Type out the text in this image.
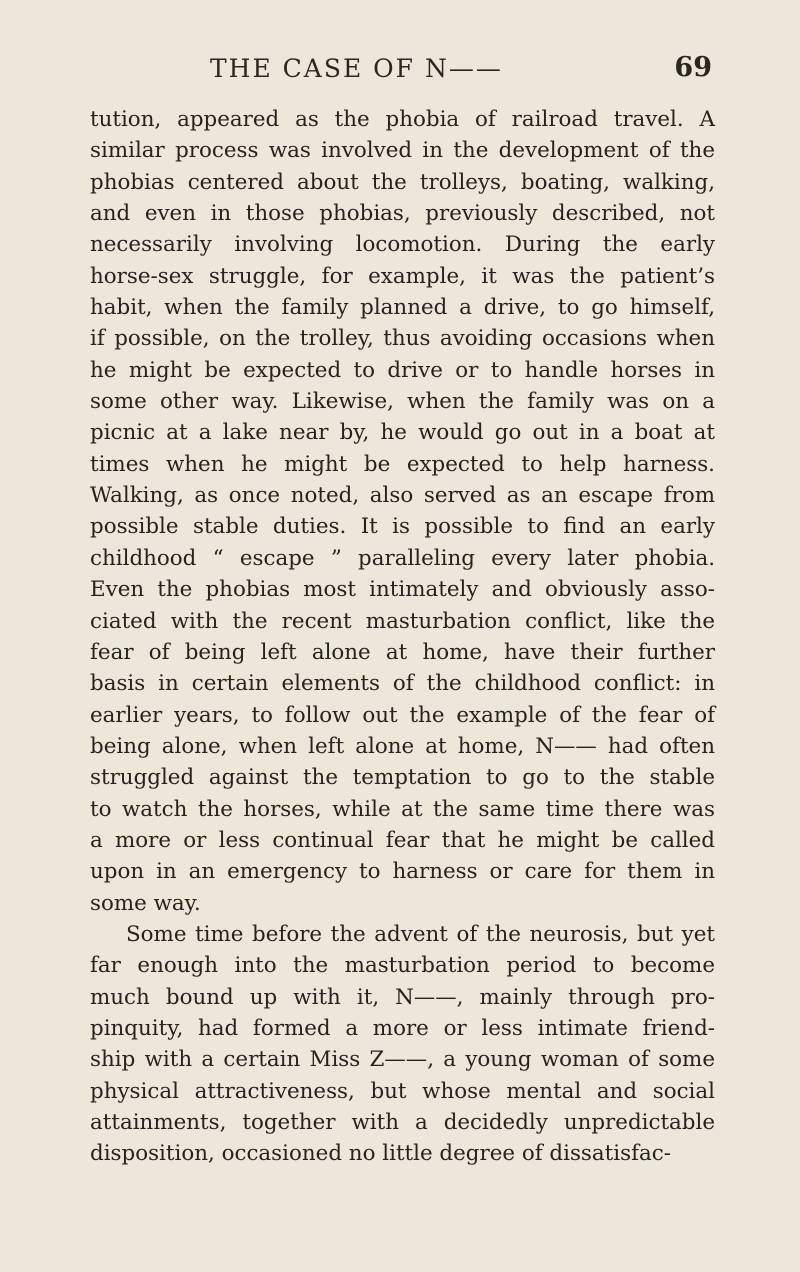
THE CASE OF N——	69
tution, appeared as the phobia of railroad travel. A
similar process was involved in the development of the
phobias centered about the trolleys, boating, walking,
and even in those phobias, previously described, not
necessarily involving locomotion. During the early
horse-sex struggle, for example, it was the patient’s
habit, when the family planned a drive, to go himself,
if possible, on the trolley, thus avoiding occasions when
he might be expected to drive or to handle horses in
some other way. Likewise, when the family was on a
picnic at a lake near by, he would go out in a boat at
times when he might be expected to help harness.
Walking, as once noted, also served as an escape from
possible stable duties. It is possible to find an early
childhood “ escape ” paralleling every later phobia.
Even the phobias most intimately and obviously asso-
ciated with the recent masturbation conflict, like the
fear of being left alone at home, have their further
basis in certain elements of the childhood conflict: in
earlier years, to follow out the example of the fear of
being alone, when left alone at home, N—— had often
struggled against the temptation to go to the stable
to watch the horses, while at the same time there was
a more or less continual fear that he might be called
upon in an emergency to harness or care for them in
some way.
Some time before the advent of the neurosis, but yet
far enough into the masturbation period to become
much bound up with it, N——, mainly through pro-
pinquity, had formed a more or less intimate friend-
ship with a certain Miss Z——, a young woman of some
physical attractiveness, but whose mental and social
attainments, together with a decidedly unpredictable
disposition, occasioned no little degree of dissatisfac-
